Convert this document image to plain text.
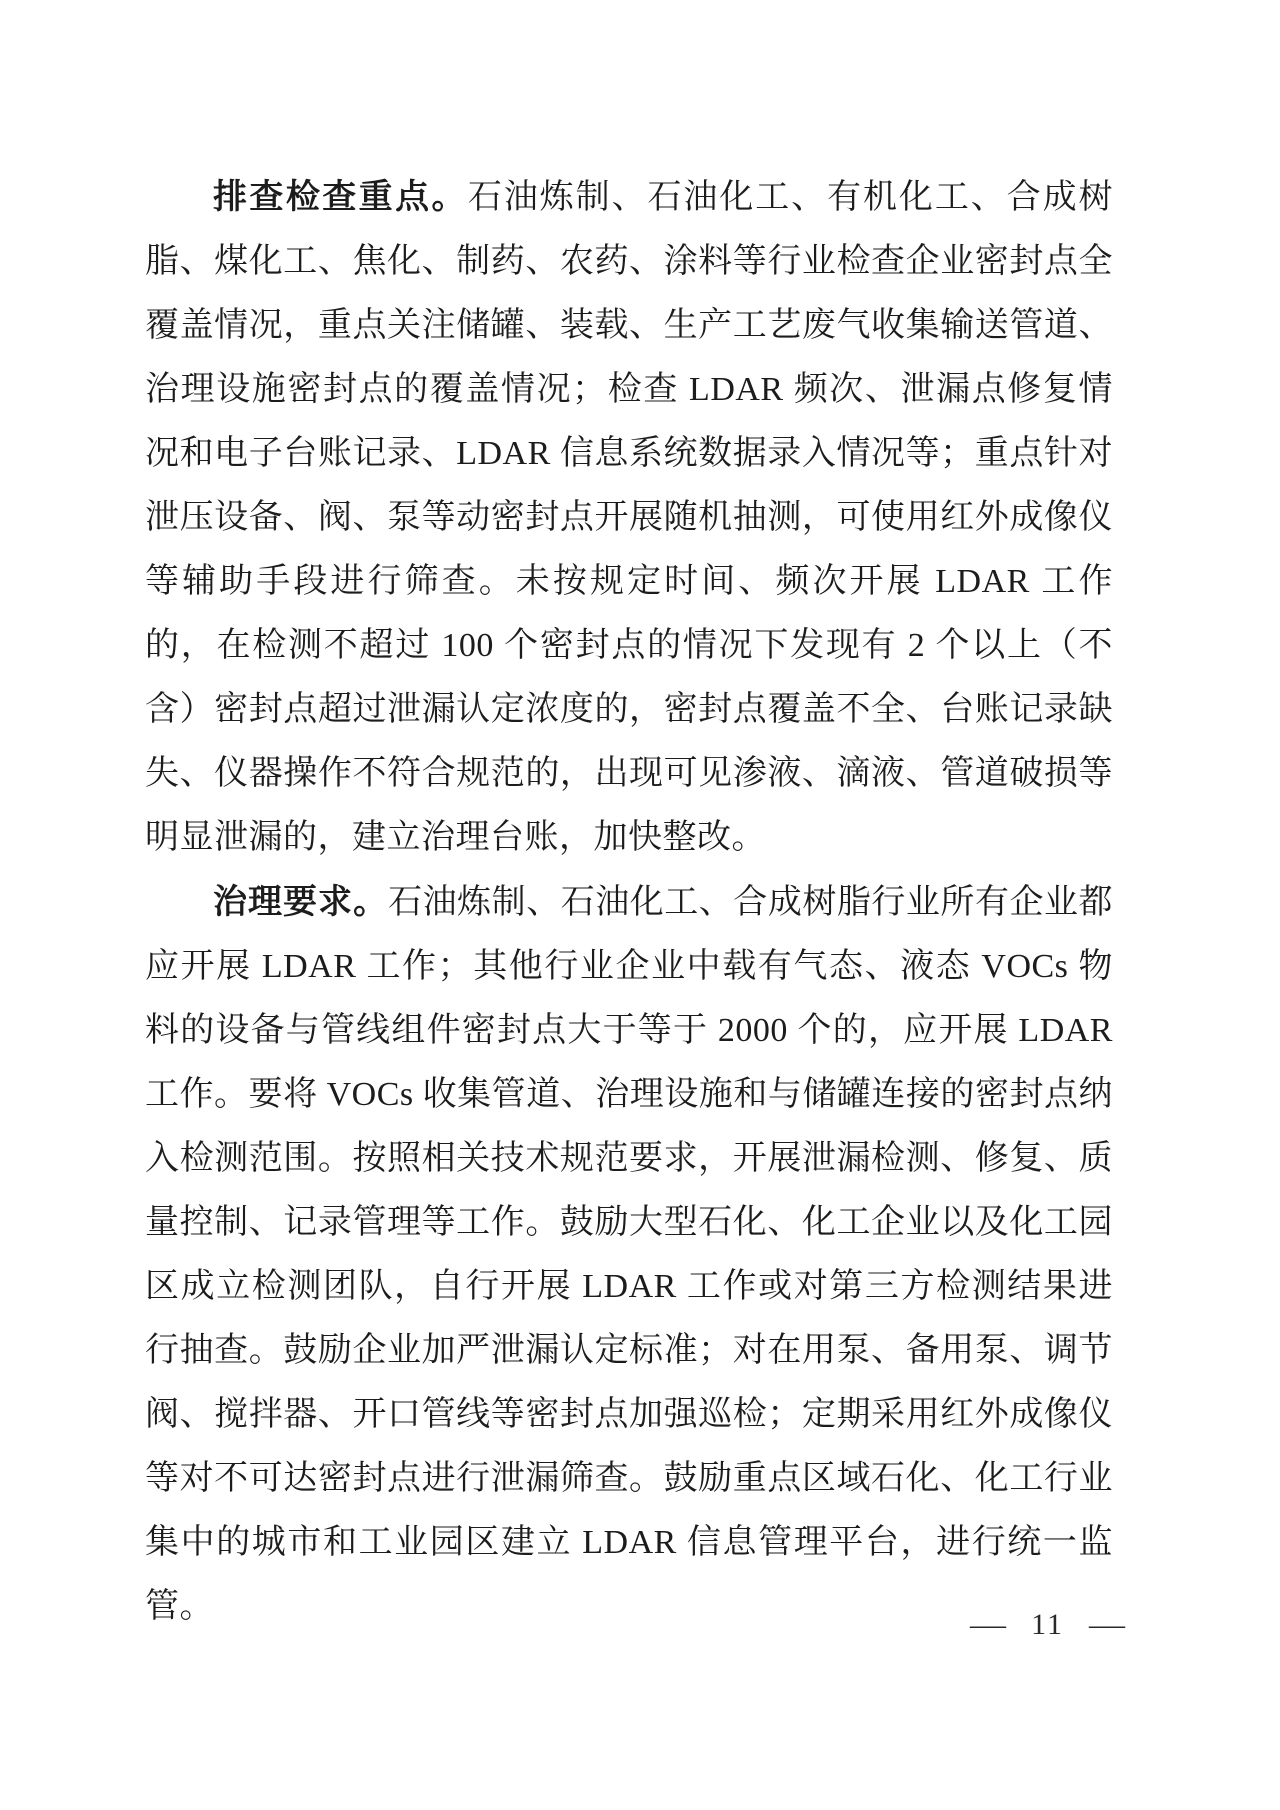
排查检查重点。石油炼制、石油化工、有机化工、合成树脂、煤化工、焦化、制药、农药、涂料等行业检查企业密封点全覆盖情况，重点关注储罐、装载、生产工艺废气收集输送管道、治理设施密封点的覆盖情况；检查 LDAR 频次、泄漏点修复情况和电子台账记录、LDAR 信息系统数据录入情况等；重点针对泄压设备、阀、泵等动密封点开展随机抽测，可使用红外成像仪等辅助手段进行筛查。未按规定时间、频次开展 LDAR 工作的，在检测不超过 100 个密封点的情况下发现有 2 个以上（不含）密封点超过泄漏认定浓度的，密封点覆盖不全、台账记录缺失、仪器操作不符合规范的，出现可见渗液、滴液、管道破损等明显泄漏的，建立治理台账，加快整改。

治理要求。石油炼制、石油化工、合成树脂行业所有企业都应开展 LDAR 工作；其他行业企业中载有气态、液态 VOCs 物料的设备与管线组件密封点大于等于 2000 个的，应开展 LDAR 工作。要将 VOCs 收集管道、治理设施和与储罐连接的密封点纳入检测范围。按照相关技术规范要求，开展泄漏检测、修复、质量控制、记录管理等工作。鼓励大型石化、化工企业以及化工园区成立检测团队，自行开展 LDAR 工作或对第三方检测结果进行抽查。鼓励企业加严泄漏认定标准；对在用泵、备用泵、调节阀、搅拌器、开口管线等密封点加强巡检；定期采用红外成像仪等对不可达密封点进行泄漏筛查。鼓励重点区域石化、化工行业集中的城市和工业园区建立 LDAR 信息管理平台，进行统一监管。	— 11 —
